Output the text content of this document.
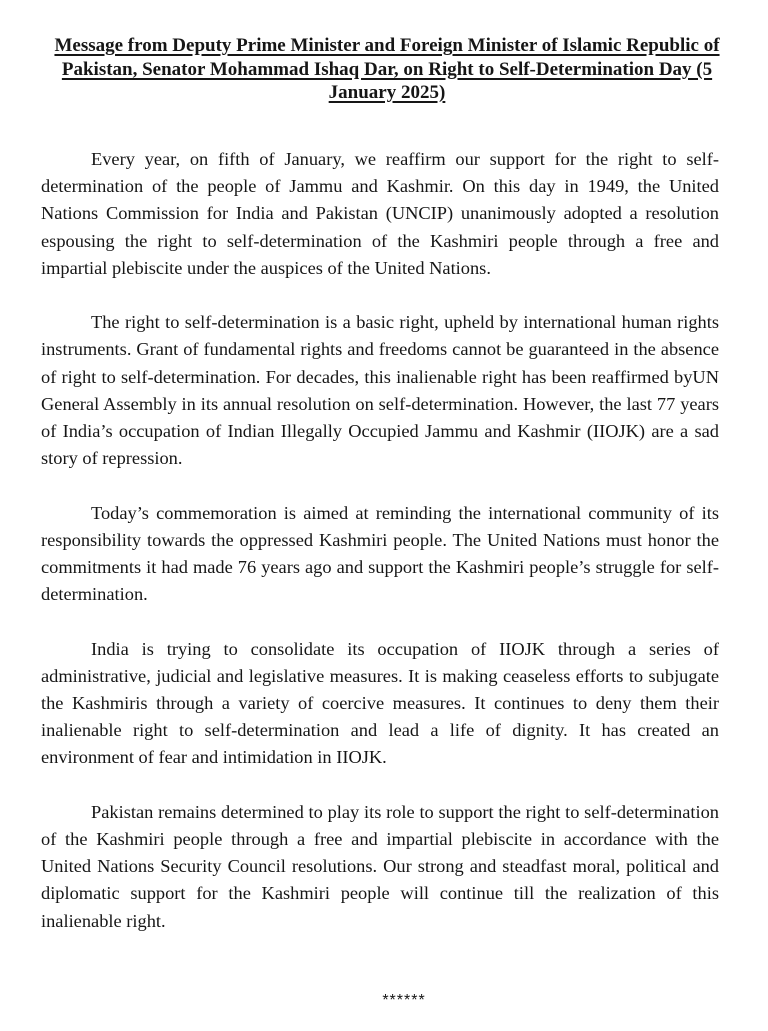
Message from Deputy Prime Minister and Foreign Minister of Islamic Republic of Pakistan, Senator Mohammad Ishaq Dar, on Right to Self-Determination Day (5 January 2025)

Every year, on fifth of January, we reaffirm our support for the right to self-determination of the people of Jammu and Kashmir. On this day in 1949, the United Nations Commission for India and Pakistan (UNCIP) unanimously adopted a resolution espousing the right to self-determination of the Kashmiri people through a free and impartial plebiscite under the auspices of the United Nations.

The right to self-determination is a basic right, upheld by international human rights instruments. Grant of fundamental rights and freedoms cannot be guaranteed in the absence of right to self-determination. For decades, this inalienable right has been reaffirmed byUN General Assembly in its annual resolution on self-determination. However, the last 77 years of India’s occupation of Indian Illegally Occupied Jammu and Kashmir (IIOJK) are a sad story of repression.

Today’s commemoration is aimed at reminding the international community of its responsibility towards the oppressed Kashmiri people. The United Nations must honor the commitments it had made 76 years ago and support the Kashmiri people’s struggle for self-determination.

India is trying to consolidate its occupation of IIOJK through a series of administrative, judicial and legislative measures. It is making ceaseless efforts to subjugate the Kashmiris through a variety of coercive measures. It continues to deny them their inalienable right to self-determination and lead a life of dignity. It has created an environment of fear and intimidation in IIOJK.

Pakistan remains determined to play its role to support the right to self-determination of the Kashmiri people through a free and impartial plebiscite in accordance with the United Nations Security Council resolutions. Our strong and steadfast moral, political and diplomatic support for the Kashmiri people will continue till the realization of this inalienable right.

******
